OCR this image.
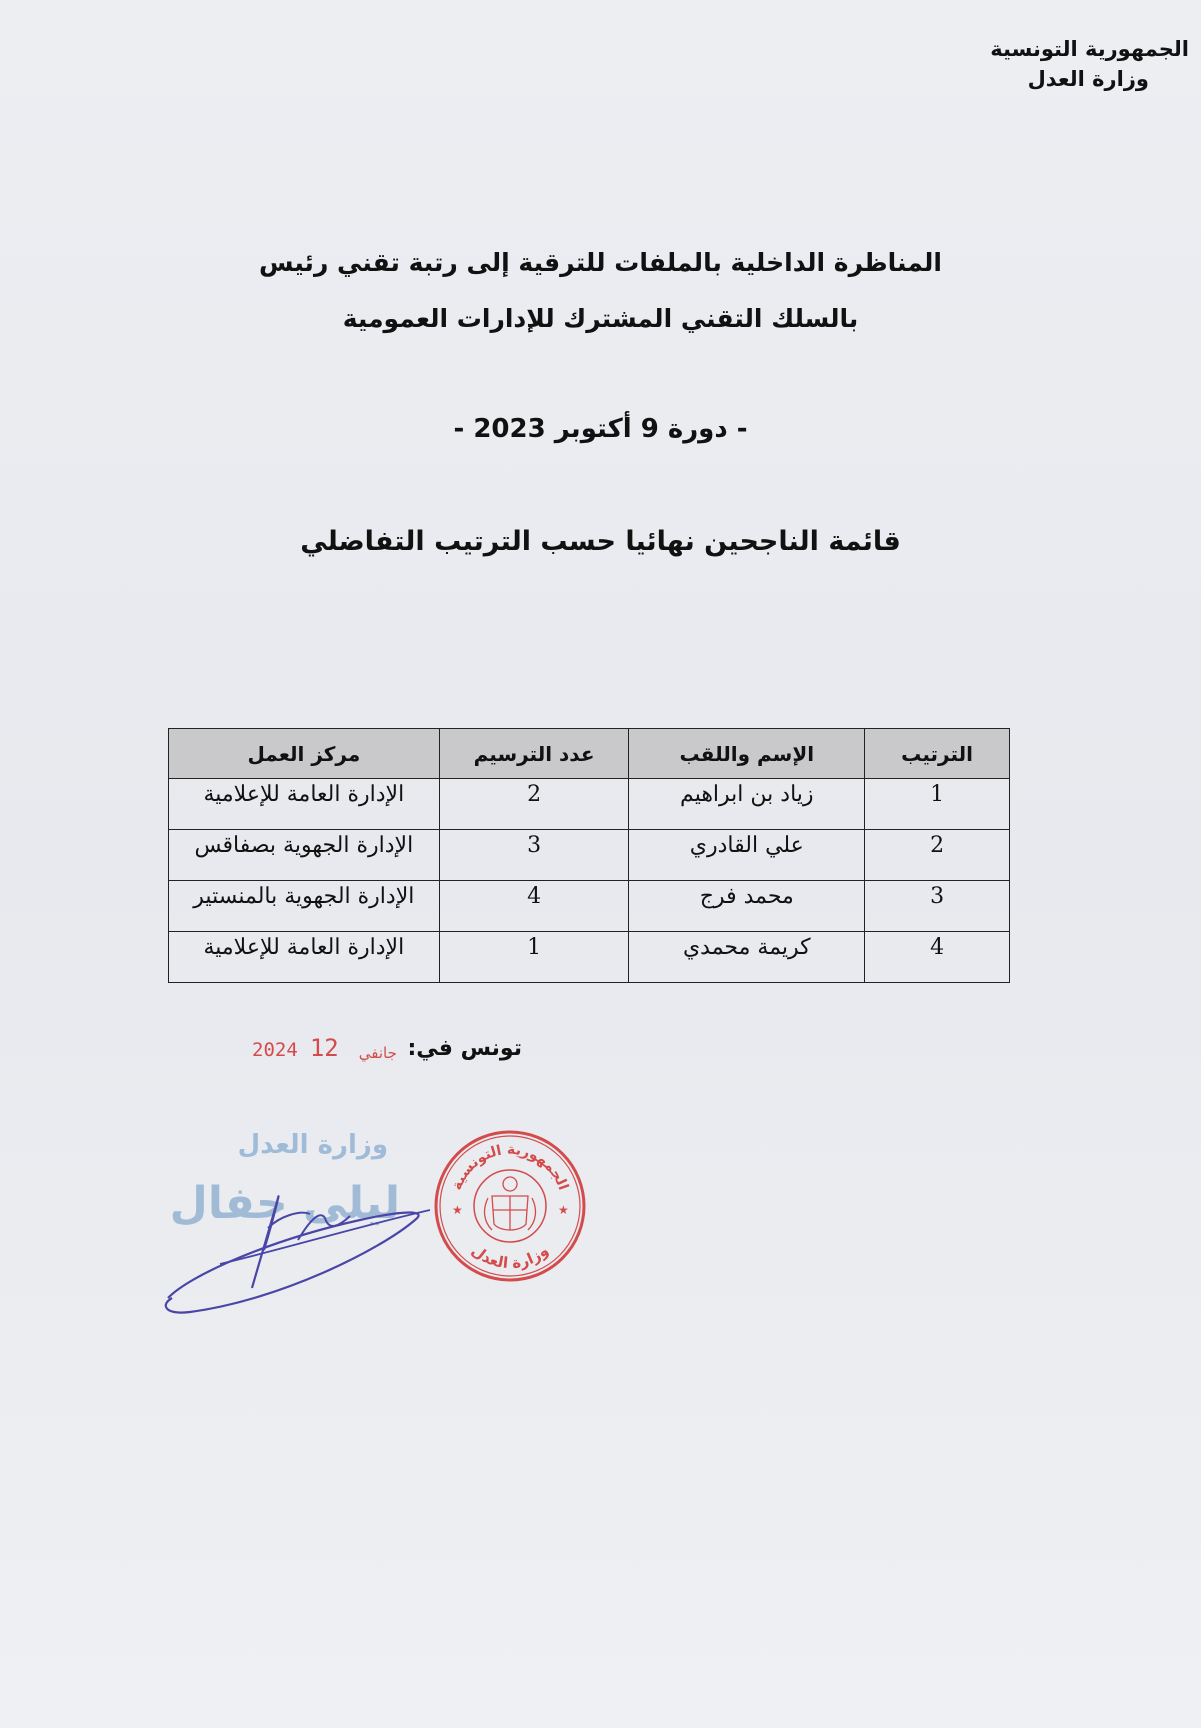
الجمهورية التونسية
وزارة العدل
المناظرة الداخلية بالملفات للترقية إلى رتبة تقني رئيس
بالسلك التقني المشترك للإدارات العمومية
- دورة 9 أكتوبر 2023 -
قائمة الناجحين نهائيا حسب الترتيب التفاضلي
الترتيب	الإسم واللقب	عدد الترسيم	مركز العمل
1	زياد بن ابراهيم	2	الإدارة العامة للإعلامية
2	علي القادري	3	الإدارة الجهوية بصفاقس
3	محمد فرج	4	الإدارة الجهوية بالمنستير
4	كريمة محمدي	1	الإدارة العامة للإعلامية
تونس في:
2024	جانفي 12
وزارة العدل
ليلى حفال	الجمهورية التونسية
وزارة العدل
★	★
